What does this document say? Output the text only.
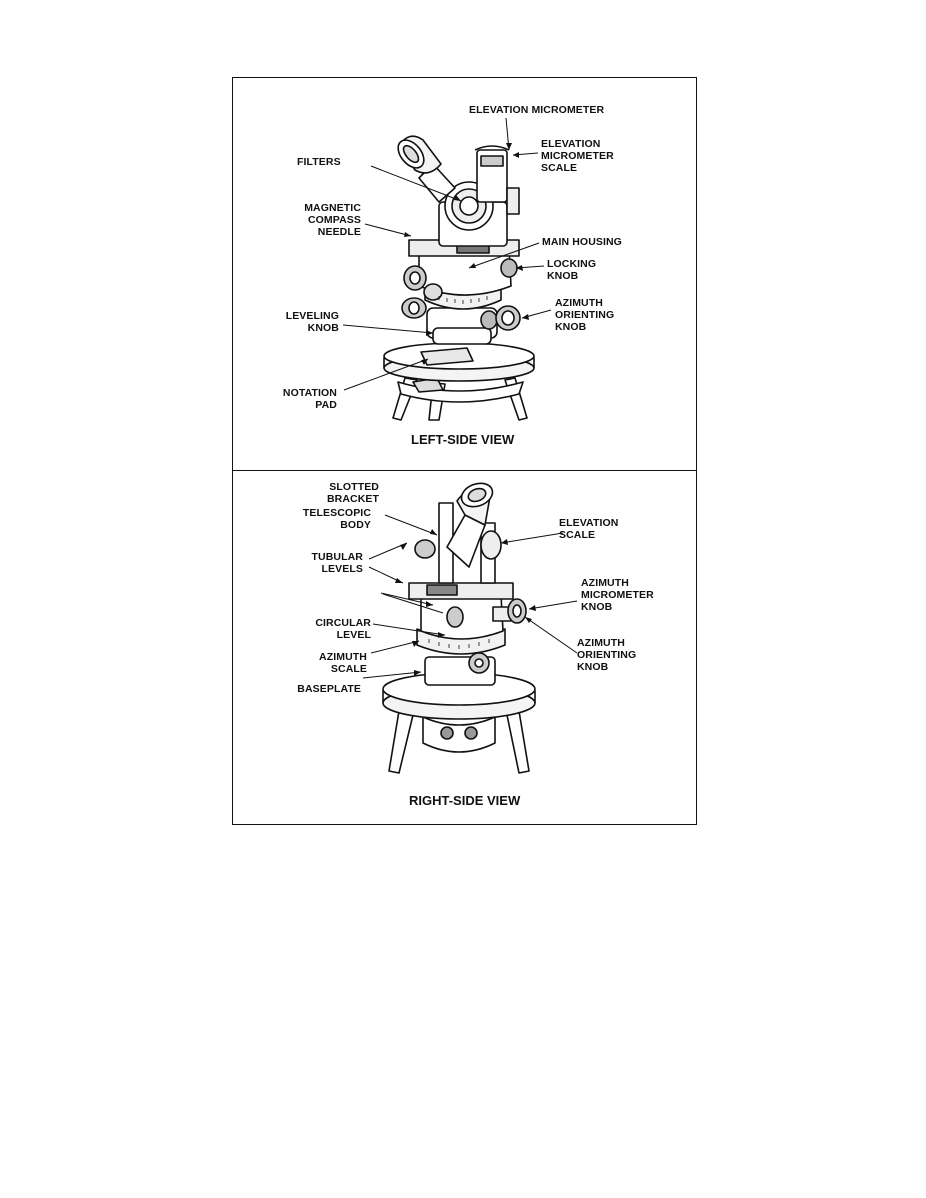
ELEVATION MICROMETER
ELEVATION
MICROMETER
SCALE
FILTERS
MAGNETIC
COMPASS
NEEDLE
MAIN HOUSING
LOCKING
KNOB
AZIMUTH
ORIENTING
KNOB
LEVELING
KNOB
NOTATION
PAD
LEFT-SIDE VIEW
SLOTTED
BRACKET
TELESCOPIC
BODY	ELEVATION
SCALE
TUBULAR
LEVELS
AZIMUTH
MICROMETER
KNOB
CIRCULAR
LEVEL
AZIMUTH
ORIENTING
KNOB
AZIMUTH
SCALE
BASEPLATE
RIGHT-SIDE VIEW
